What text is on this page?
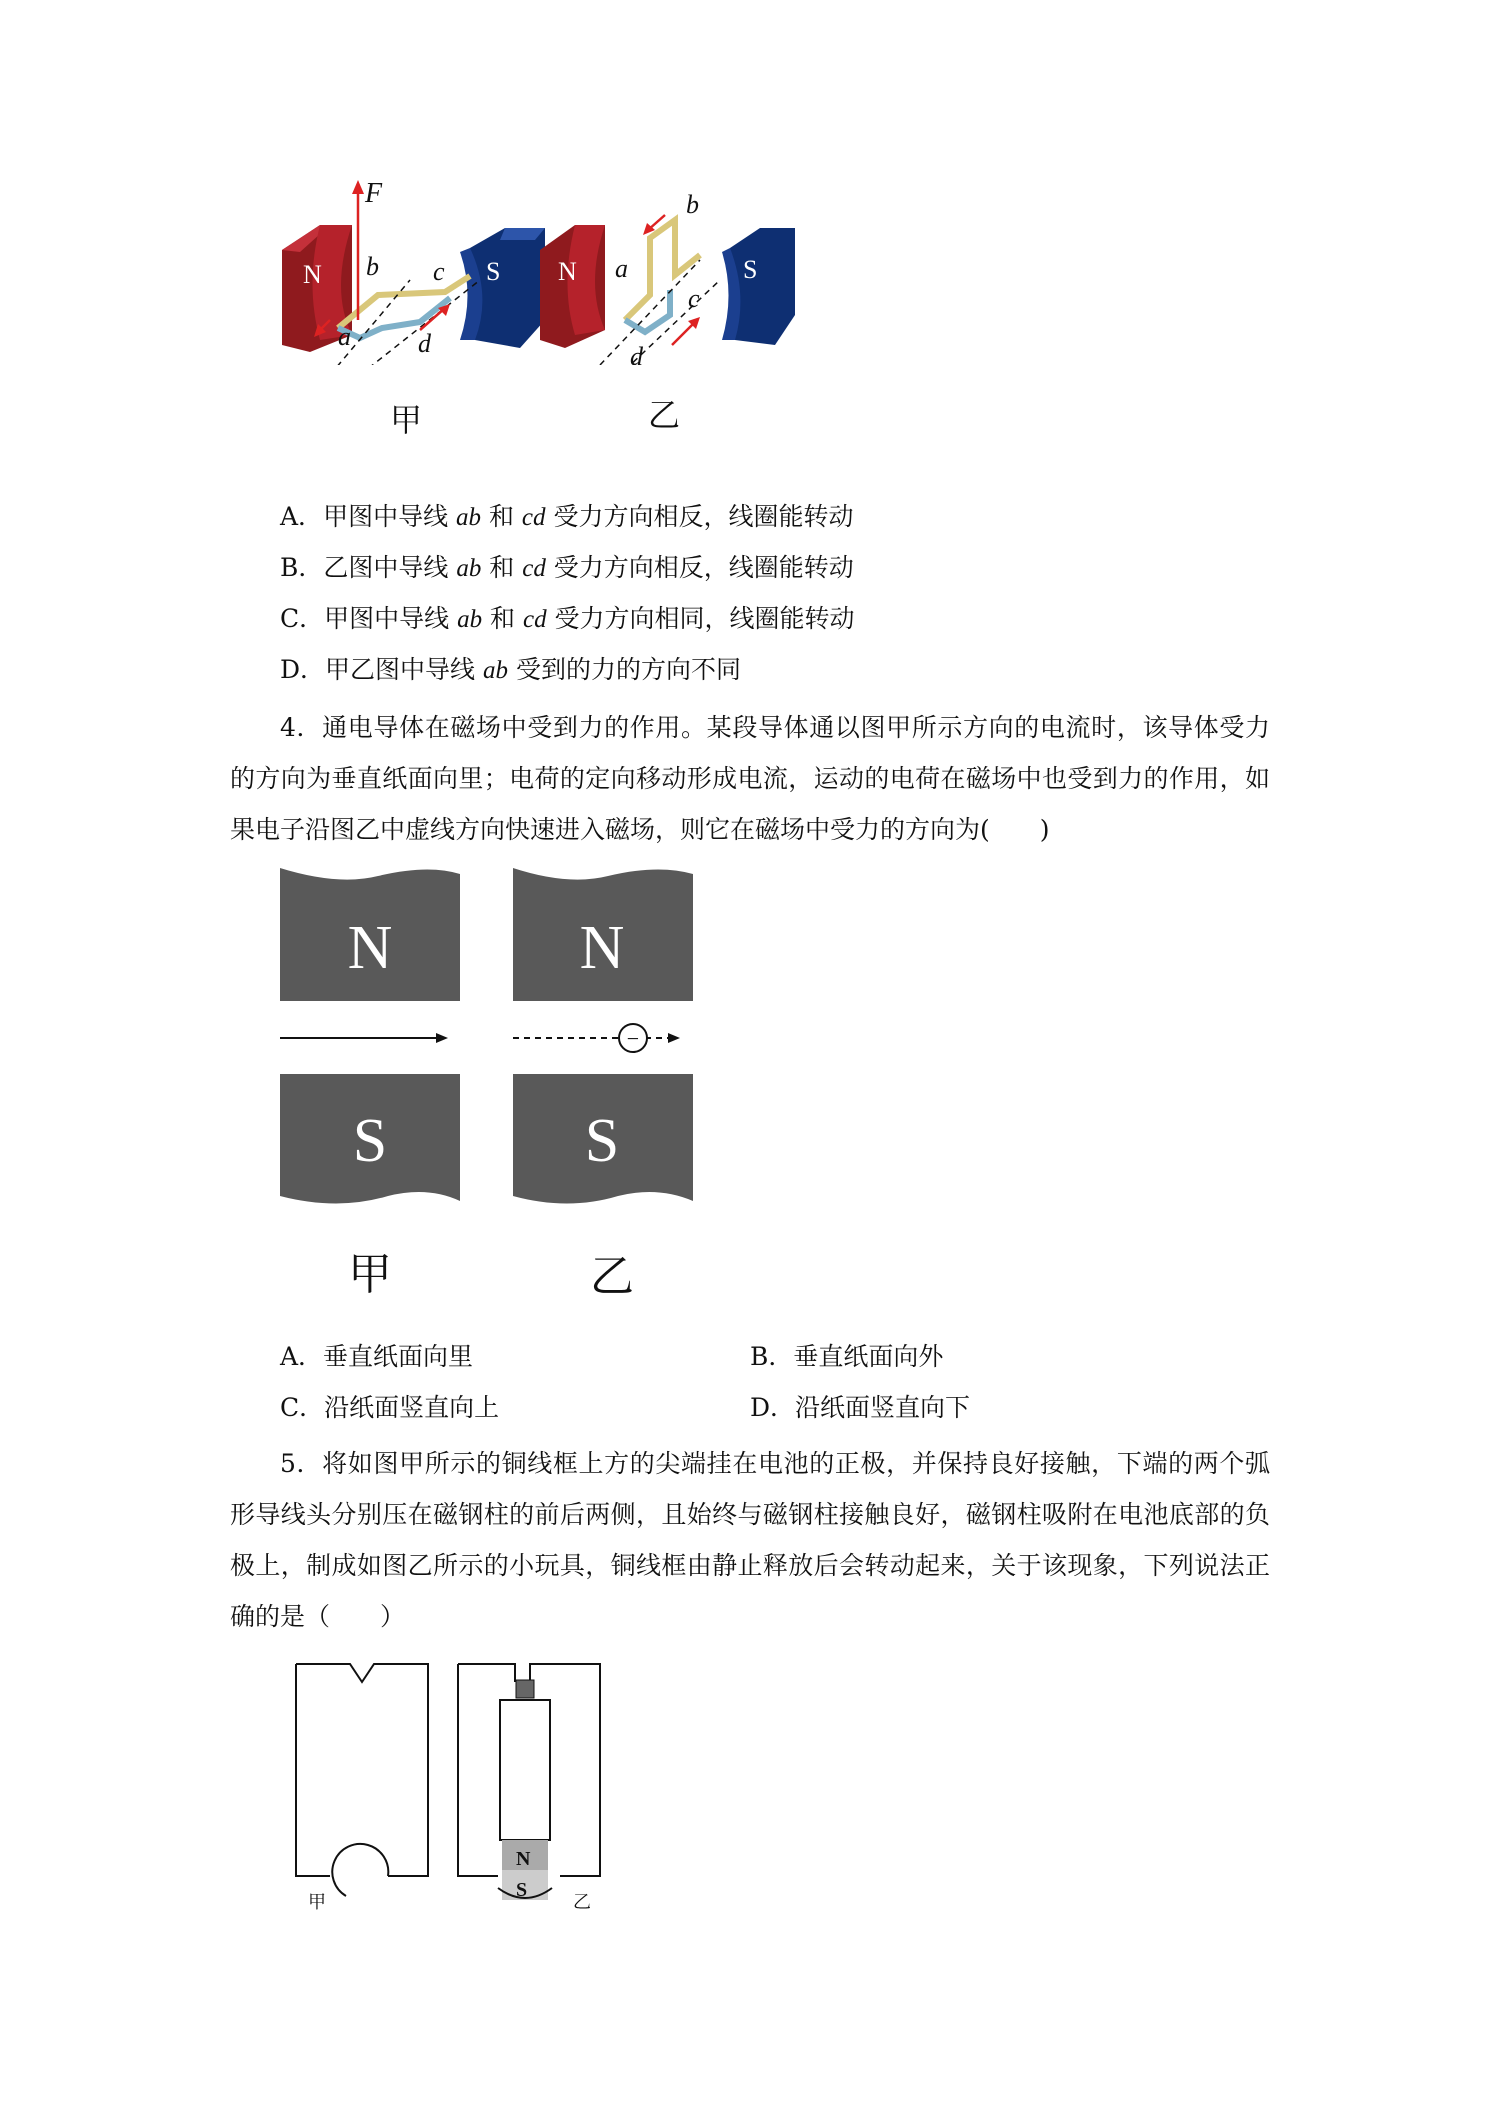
N	S
F
a
b c
d
N	S
a
b
c
d
甲	乙
A．甲图中导线 ab 和 cd 受力方向相反，线圈能转动
B．乙图中导线 ab 和 cd 受力方向相反，线圈能转动
C．甲图中导线 ab 和 cd 受力方向相同，线圈能转动
D．甲乙图中导线 ab 受到的力的方向不同

4．通电导体在磁场中受到力的作用。某段导体通以图甲所示方向的电流时，该导体受力的方向为垂直纸面向里；电荷的定向移动形成电流，运动的电荷在磁场中也受到力的作用，如果电子沿图乙中虚线方向快速进入磁场，则它在磁场中受力的方向为(　　)

N	N
−
S	S
甲	乙
A．垂直纸面向里	B．垂直纸面向外
C．沿纸面竖直向上	D．沿纸面竖直向下

5．将如图甲所示的铜线框上方的尖端挂在电池的正极，并保持良好接触，下端的两个弧形导线头分别压在磁钢柱的前后两侧，且始终与磁钢柱接触良好，磁钢柱吸附在电池底部的负极上，制成如图乙所示的小玩具，铜线框由静止释放后会转动起来，关于该现象，下列说法正确的是（　　）

甲
N
S
乙
